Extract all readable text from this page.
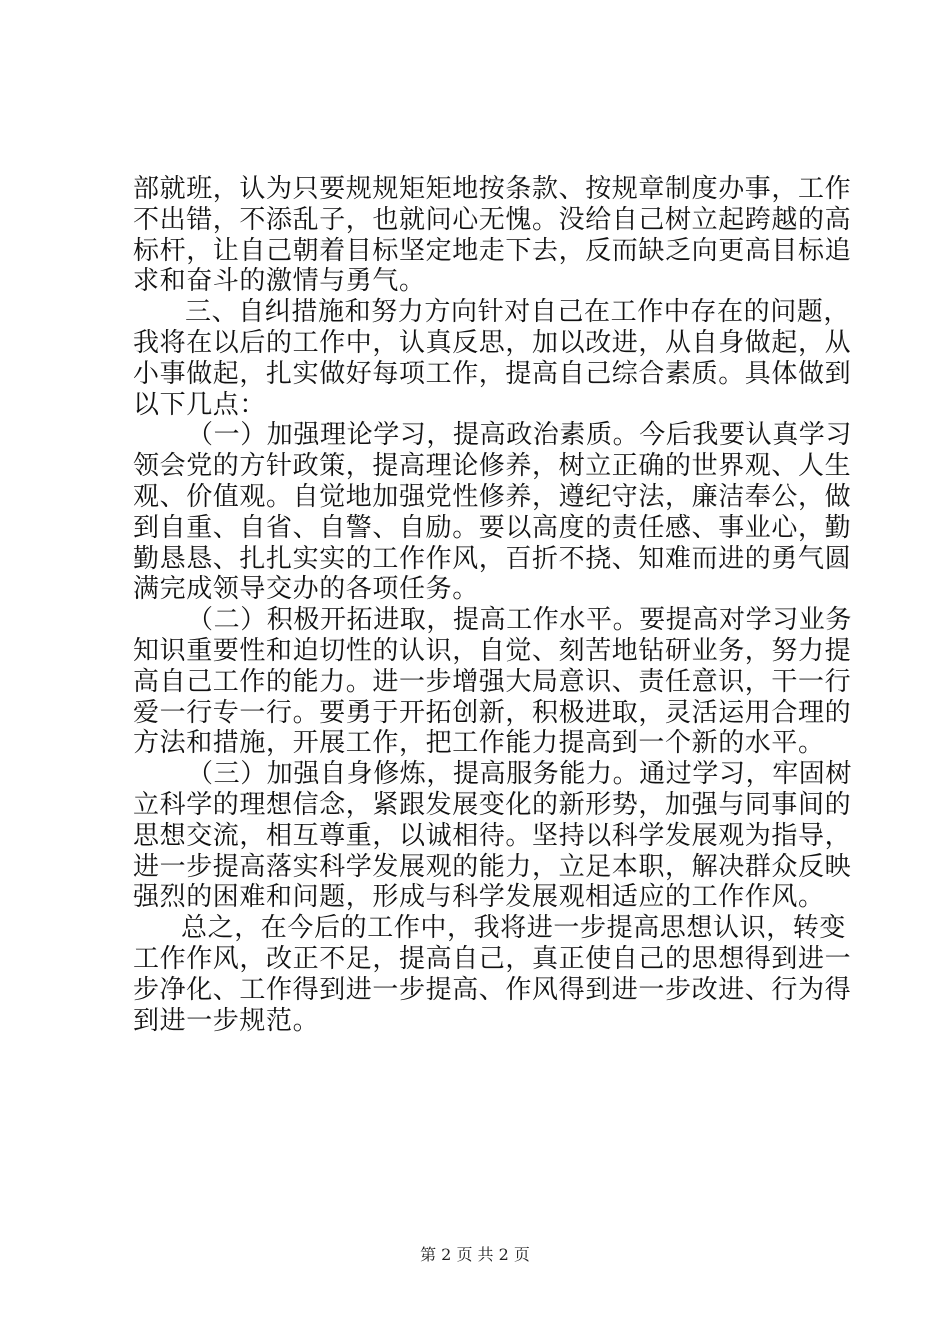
部就班，认为只要规规矩矩地按条款、按规章制度办事，工作
不出错，不添乱子，也就问心无愧。没给自己树立起跨越的高
标杆，让自己朝着目标坚定地走下去，反而缺乏向更高目标追
求和奋斗的激情与勇气。
三、自纠措施和努力方向针对自己在工作中存在的问题，
我将在以后的工作中，认真反思，加以改进，从自身做起，从
小事做起，扎实做好每项工作，提高自己综合素质。具体做到
以下几点：
（一）加强理论学习，提高政治素质。今后我要认真学习
领会党的方针政策，提高理论修养，树立正确的世界观、人生
观、价值观。自觉地加强党性修养，遵纪守法，廉洁奉公，做
到自重、自省、自警、自励。要以高度的责任感、事业心，勤
勤恳恳、扎扎实实的工作作风，百折不挠、知难而进的勇气圆
满完成领导交办的各项任务。
（二）积极开拓进取，提高工作水平。要提高对学习业务
知识重要性和迫切性的认识，自觉、刻苦地钻研业务，努力提
高自己工作的能力。进一步增强大局意识、责任意识，干一行
爱一行专一行。要勇于开拓创新，积极进取，灵活运用合理的
方法和措施，开展工作，把工作能力提高到一个新的水平。
（三）加强自身修炼，提高服务能力。通过学习，牢固树
立科学的理想信念，紧跟发展变化的新形势，加强与同事间的
思想交流，相互尊重，以诚相待。坚持以科学发展观为指导，
进一步提高落实科学发展观的能力，立足本职，解决群众反映
强烈的困难和问题，形成与科学发展观相适应的工作作风。
总之，在今后的工作中，我将进一步提高思想认识，转变
工作作风，改正不足，提高自己，真正使自己的思想得到进一
步净化、工作得到进一步提高、作风得到进一步改进、行为得
到进一步规范。
第 2 页 共 2 页
